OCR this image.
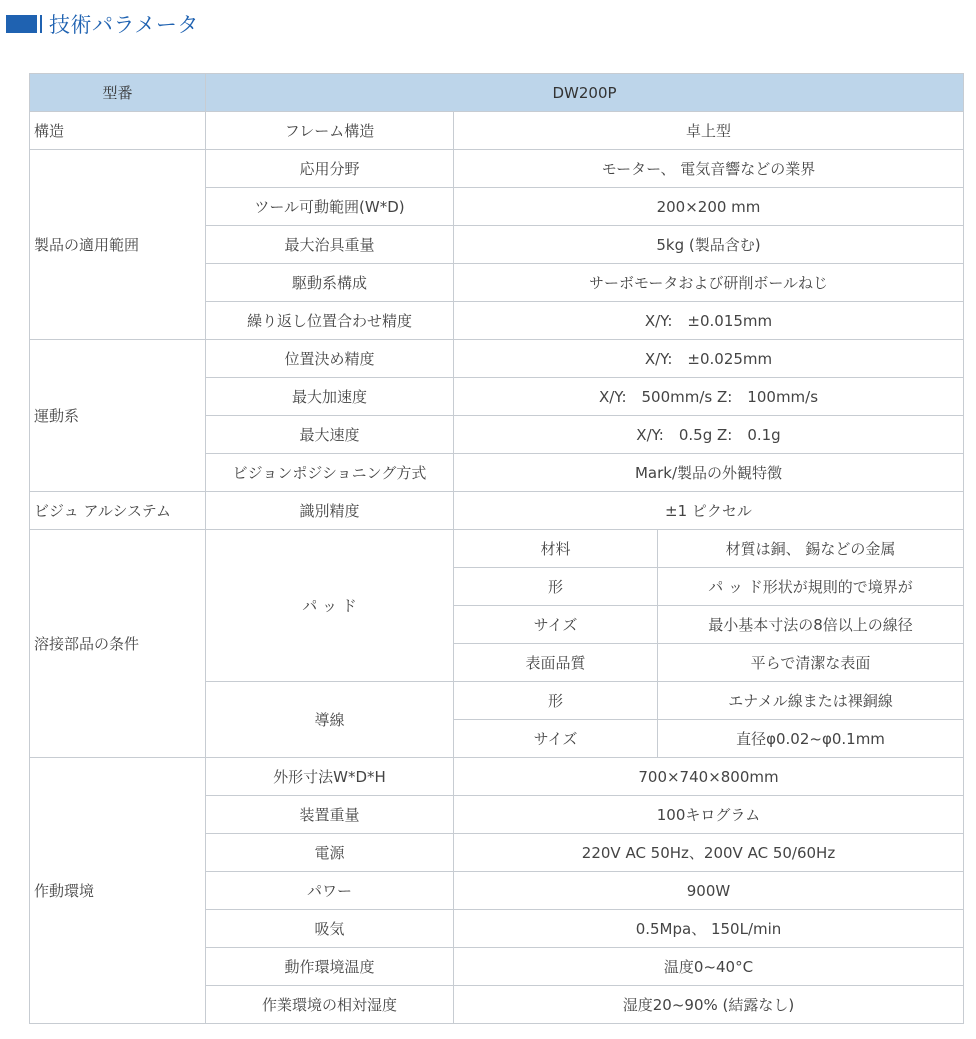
技術パラメータ
型番	DW200P		
構造	フレーム構造	卓上型	
製品の適用範囲	応用分野	モーター、 電気音響などの業界	
	ツール可動範囲(W*D)	200×200 mm	
	最大治具重量	5kg (製品含む)	
	駆動系構成	サーボモータおよび研削ボールねじ	
	繰り返し位置合わせ精度	X/Y:　±0.015mm	
運動系	位置決め精度	X/Y:　±0.025mm	
	最大加速度	X/Y:　500mm/s Z:　100mm/s	
	最大速度	X/Y:　0.5g Z:　0.1g	
	ビジョンポジショニング方式	Mark/製品の外観特徴	
ビジュ アルシステム	識別精度	±1 ピクセル	
溶接部品の条件	パ ッ ド	材料	材質は銅、 錫などの金属
		形	パ ッ ド形状が規則的で境界が
		サイズ	最小基本寸法の8倍以上の線径
		表面品質	平らで清潔な表面
	導線	形	エナメル線または裸銅線
		サイズ	直径φ0.02~φ0.1mm
作動環境	外形寸法W*D*H	700×740×800mm	
	装置重量	100キログラム	
	電源	220V AC 50Hz、200V AC 50/60Hz	
	パワー	900W	
	吸気	0.5Mpa、 150L/min	
	動作環境温度	温度0~40°C	
	作業環境の相対湿度	湿度20~90% (結露なし)	
